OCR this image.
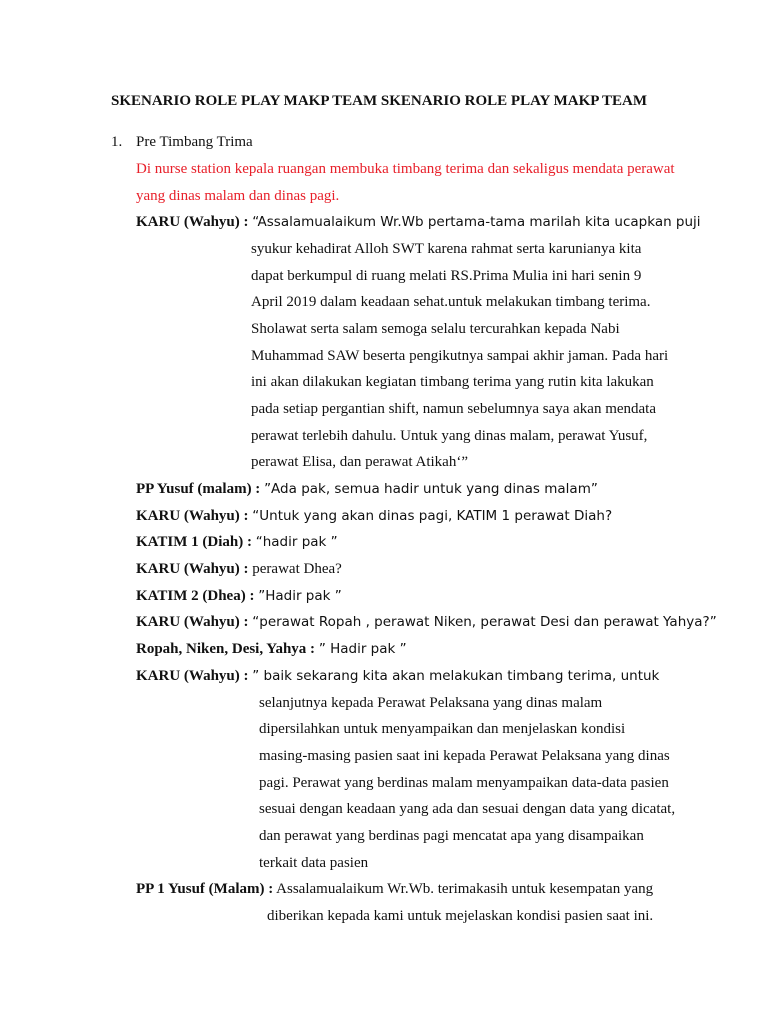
SKENARIO ROLE PLAY MAKP TEAM SKENARIO ROLE PLAY MAKP TEAM
1. Pre Timbang Trima
Di nurse station kepala ruangan membuka timbang terima dan sekaligus mendata perawat
yang dinas malam dan dinas pagi.
KARU (Wahyu) : “Assalamualaikum Wr.Wb pertama-tama marilah kita ucapkan puji
syukur kehadirat Alloh SWT karena rahmat serta karunianya kita
dapat berkumpul di ruang melati RS.Prima Mulia ini hari senin 9
April 2019 dalam keadaan sehat.untuk melakukan timbang terima.
Sholawat serta salam semoga selalu tercurahkan kepada Nabi
Muhammad SAW beserta pengikutnya sampai akhir jaman. Pada hari
ini akan dilakukan kegiatan timbang terima yang rutin kita lakukan
pada setiap pergantian shift, namun sebelumnya saya akan mendata
perawat terlebih dahulu. Untuk yang dinas malam, perawat Yusuf,
perawat Elisa, dan perawat Atikah‘”
PP Yusuf (malam) : ”Ada pak, semua hadir untuk yang dinas malam”
KARU (Wahyu) : “Untuk yang akan dinas pagi, KATIM 1 perawat Diah?
KATIM 1 (Diah) : “hadir pak ”
KARU (Wahyu) : perawat Dhea?
KATIM 2 (Dhea) : ”Hadir pak ”
KARU (Wahyu) : “perawat Ropah , perawat Niken, perawat Desi dan perawat Yahya?”
Ropah, Niken, Desi, Yahya : ” Hadir pak ”
KARU (Wahyu) : ” baik sekarang kita akan melakukan timbang terima, untuk
selanjutnya kepada Perawat Pelaksana yang dinas malam
dipersilahkan untuk menyampaikan dan menjelaskan kondisi
masing-masing pasien saat ini kepada Perawat Pelaksana yang dinas
pagi. Perawat yang berdinas malam menyampaikan data-data pasien
sesuai dengan keadaan yang ada dan sesuai dengan data yang dicatat,
dan perawat yang berdinas pagi mencatat apa yang disampaikan
terkait data pasien
PP 1 Yusuf (Malam) : Assalamualaikum Wr.Wb. terimakasih untuk kesempatan yang
diberikan kepada kami untuk mejelaskan kondisi pasien saat ini.
